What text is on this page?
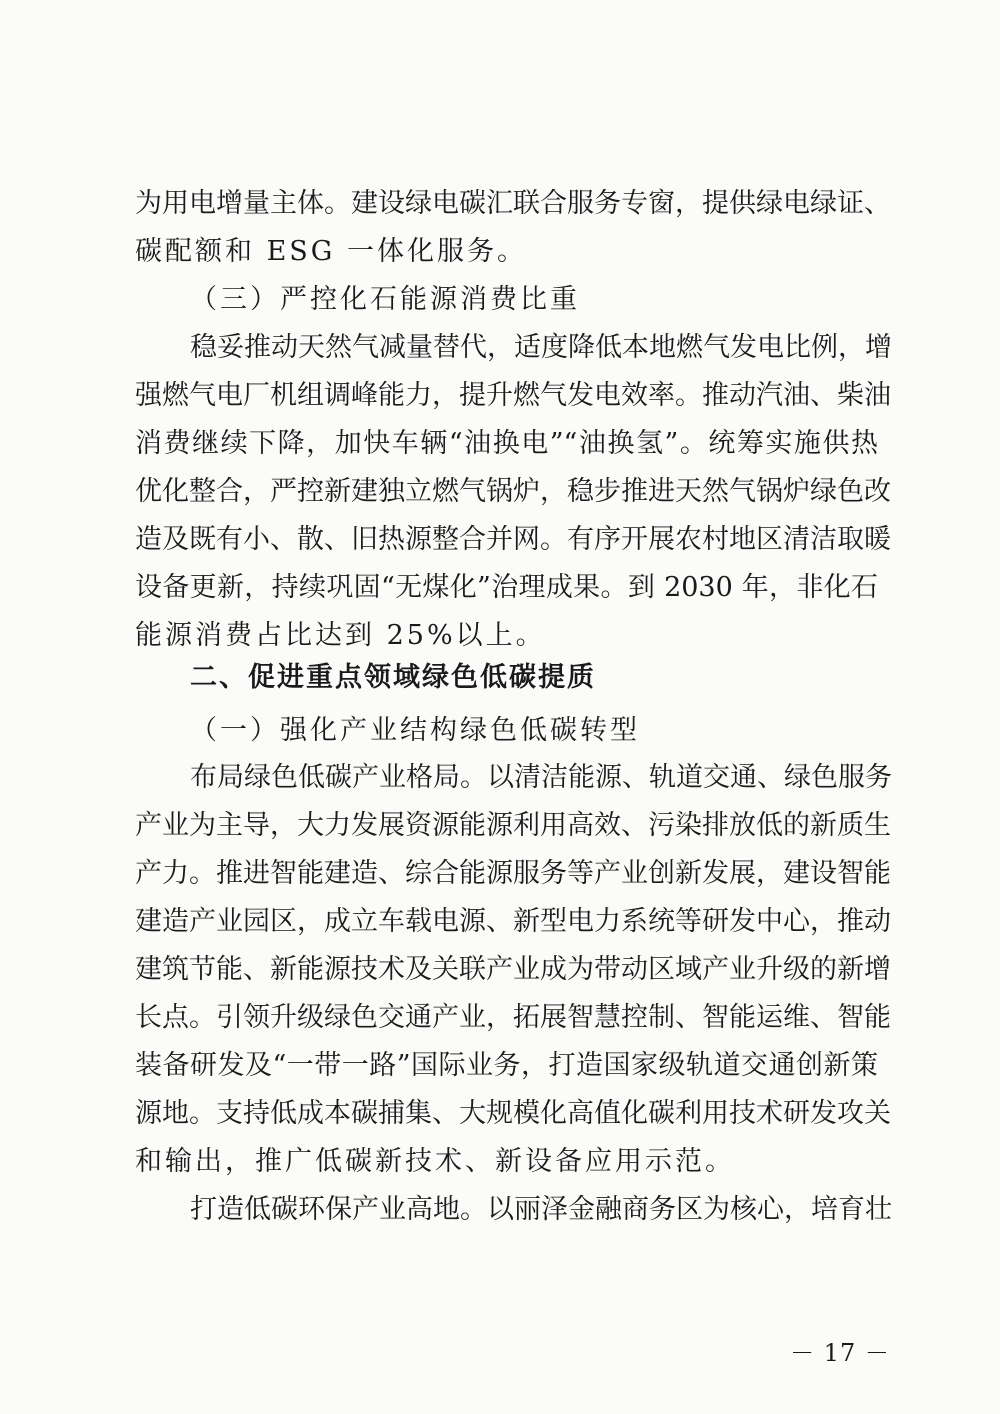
为用电增量主体。建设绿电碳汇联合服务专窗，提供绿电绿证、
碳配额和 ESG 一体化服务。
（三）严控化石能源消费比重
稳妥推动天然气减量替代，适度降低本地燃气发电比例，增
强燃气电厂机组调峰能力，提升燃气发电效率。推动汽油、柴油
消费继续下降，加快车辆“油换电”“油换氢”。统筹实施供热
优化整合，严控新建独立燃气锅炉，稳步推进天然气锅炉绿色改
造及既有小、散、旧热源整合并网。有序开展农村地区清洁取暖
设备更新，持续巩固“无煤化”治理成果。到 2030 年，非化石
能源消费占比达到 25%以上。
二、促进重点领域绿色低碳提质
（一）强化产业结构绿色低碳转型
布局绿色低碳产业格局。以清洁能源、轨道交通、绿色服务
产业为主导，大力发展资源能源利用高效、污染排放低的新质生
产力。推进智能建造、综合能源服务等产业创新发展，建设智能
建造产业园区，成立车载电源、新型电力系统等研发中心，推动
建筑节能、新能源技术及关联产业成为带动区域产业升级的新增
长点。引领升级绿色交通产业，拓展智慧控制、智能运维、智能
装备研发及“一带一路”国际业务，打造国家级轨道交通创新策
源地。支持低成本碳捕集、大规模化高值化碳利用技术研发攻关
和输出，推广低碳新技术、新设备应用示范。
打造低碳环保产业高地。以丽泽金融商务区为核心，培育壮
－ 17 －
